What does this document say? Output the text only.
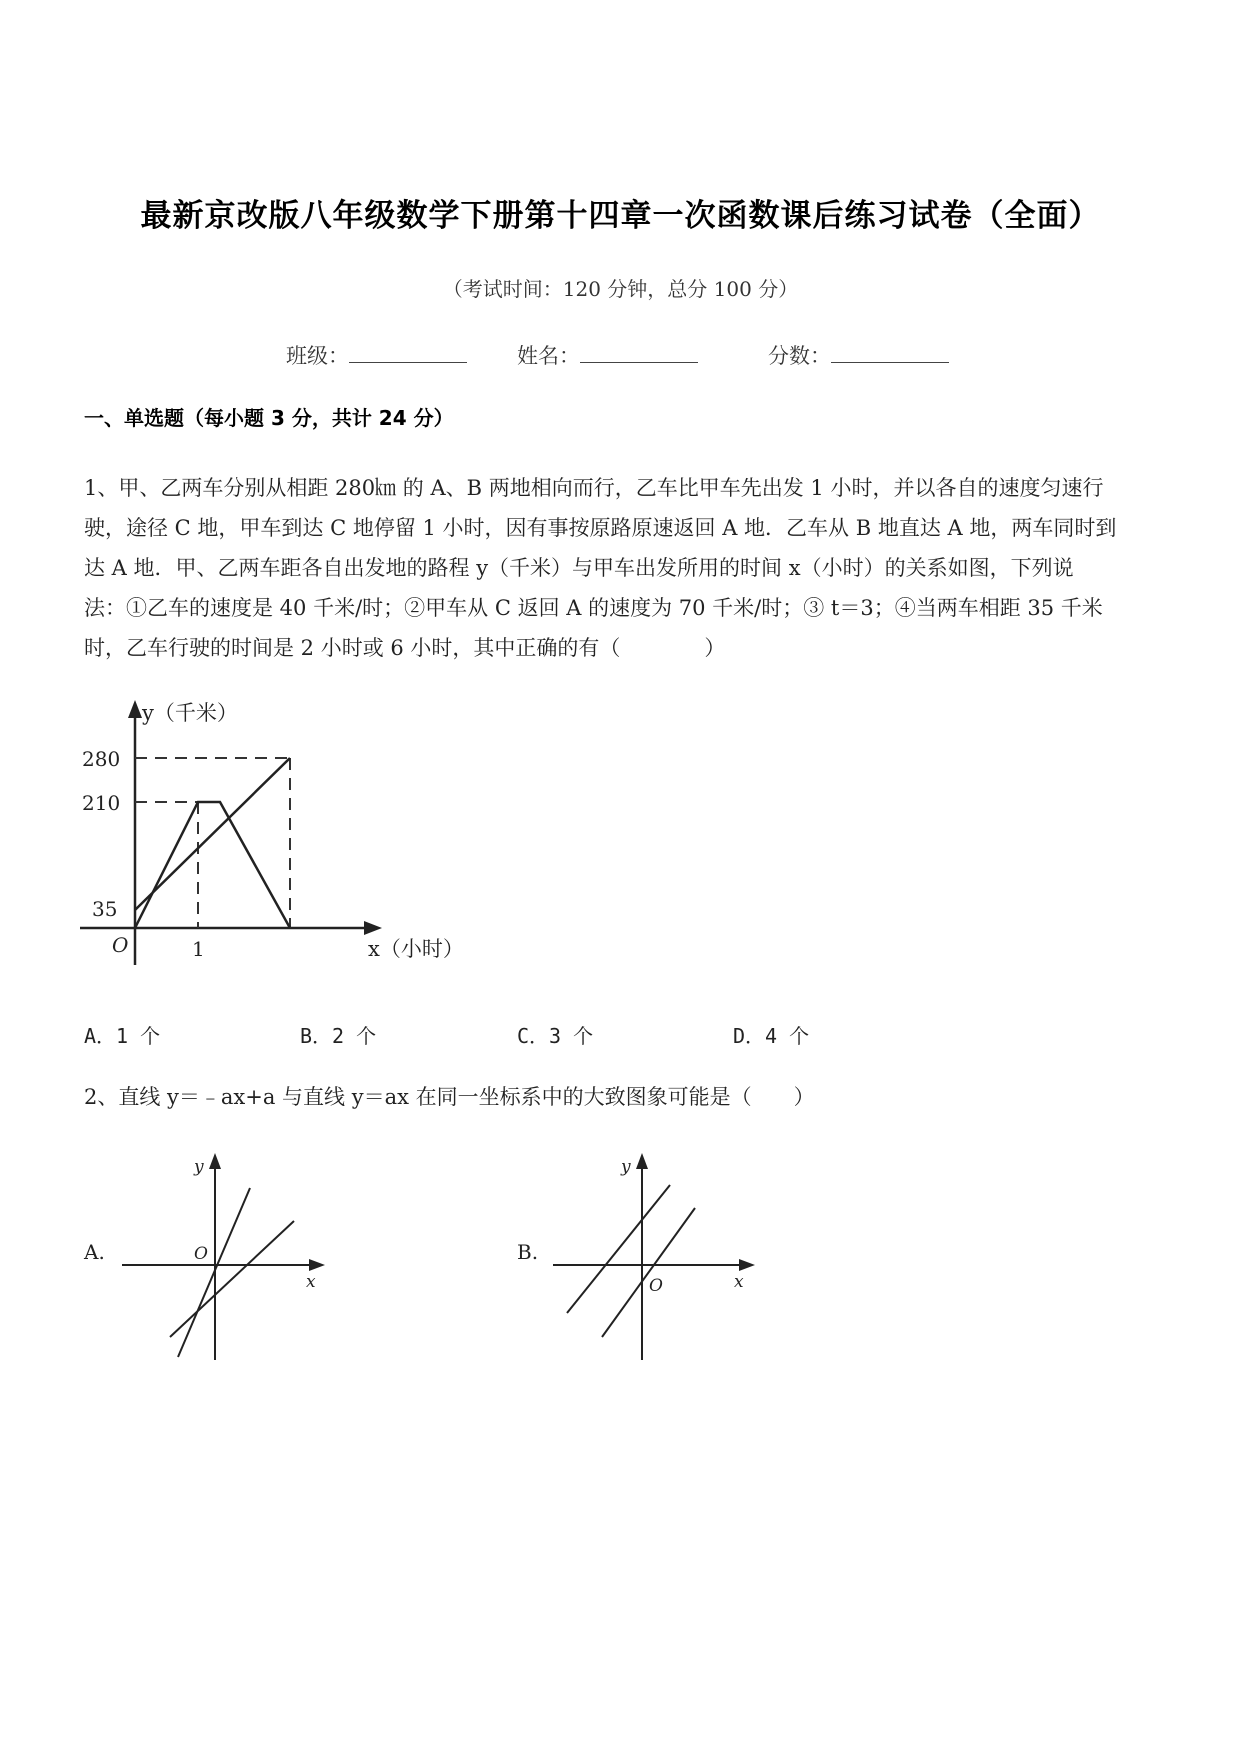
最新京改版八年级数学下册第十四章一次函数课后练习试卷（全面）
（考试时间：120 分钟，总分 100 分）
班级：	姓名：	分数：
一、单选题（每小题 3 分，共计 24 分）
1、甲、乙两车分别从相距 280㎞ 的 A、B 两地相向而行，乙车比甲车先出发 1 小时，并以各自的速度匀速行
驶，途径 C 地，甲车到达 C 地停留 1 小时，因有事按原路原速返回 A 地．乙车从 B 地直达 A 地，两车同时到
达 A 地．甲、乙两车距各自出发地的路程 y（千米）与甲车出发所用的时间 x（小时）的关系如图，下列说
法：①乙车的速度是 40 千米/时；②甲车从 C 返回 A 的速度为 70 千米/时；③ t＝3；④当两车相距 35 千米
时，乙车行驶的时间是 2 小时或 6 小时，其中正确的有（　　　　）
y（千米）
280
210
35
O	1	x（小时）
A．1 个	B．2 个	C．3 个	D．4 个
2、直线 y＝﹣ax+a 与直线 y＝ax 在同一坐标系中的大致图象可能是（　　）
A.
y
O
x
B.
y
O	x
